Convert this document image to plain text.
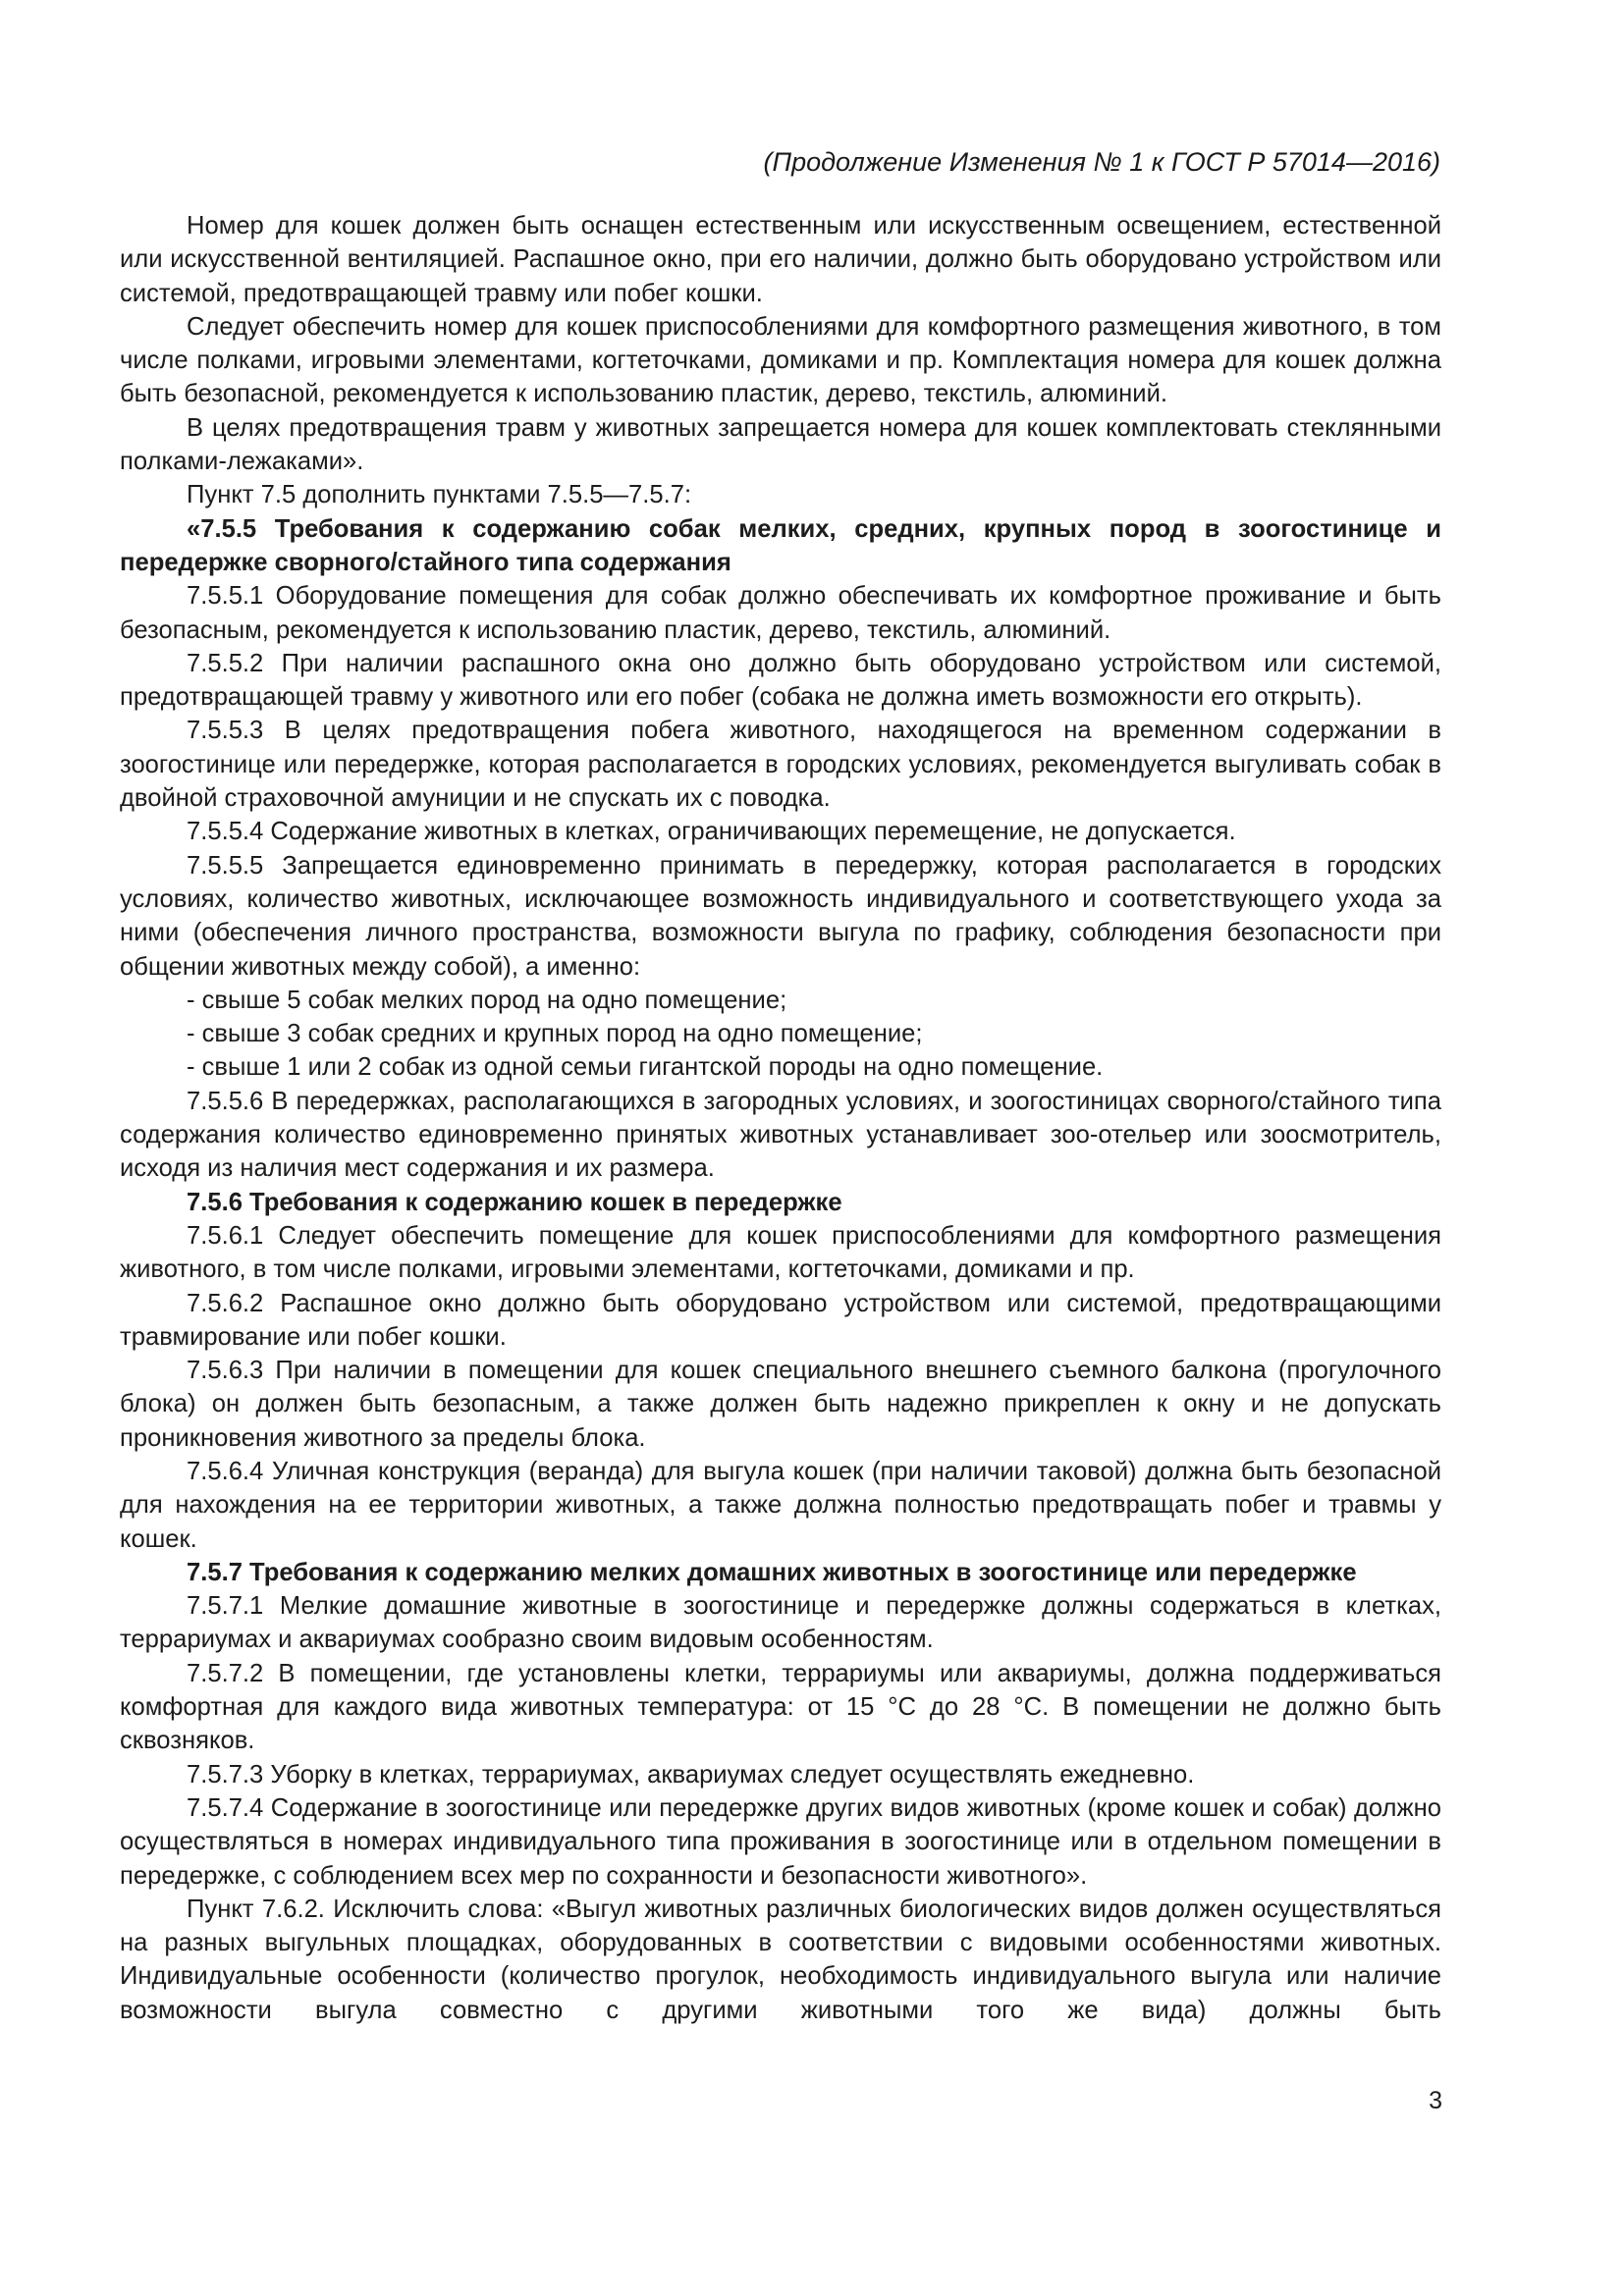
(Продолжение Изменения № 1 к ГОСТ Р 57014—2016)

Номер для кошек должен быть оснащен естественным или искусственным освещением, естественной или искусственной вентиляцией. Распашное окно, при его наличии, должно быть оборудовано устройством или системой, предотвращающей травму или побег кошки.

Следует обеспечить номер для кошек приспособлениями для комфортного размещения животного, в том числе полками, игровыми элементами, когтеточками, домиками и пр. Комплектация номера для кошек должна быть безопасной, рекомендуется к использованию пластик, дерево, текстиль, алюминий.

В целях предотвращения травм у животных запрещается номера для кошек комплектовать стеклянными полками-лежаками».

Пункт 7.5 дополнить пунктами 7.5.5—7.5.7:

«7.5.5 Требования к содержанию собак мелких, средних, крупных пород в зоогостинице и передержке сворного/стайного типа содержания

7.5.5.1 Оборудование помещения для собак должно обеспечивать их комфортное проживание и быть безопасным, рекомендуется к использованию пластик, дерево, текстиль, алюминий.

7.5.5.2 При наличии распашного окна оно должно быть оборудовано устройством или системой, предотвращающей травму у животного или его побег (собака не должна иметь возможности его открыть).

7.5.5.3 В целях предотвращения побега животного, находящегося на временном содержании в зоогостинице или передержке, которая располагается в городских условиях, рекомендуется выгуливать собак в двойной страховочной амуниции и не спускать их с поводка.

7.5.5.4 Содержание животных в клетках, ограничивающих перемещение, не допускается.

7.5.5.5 Запрещается единовременно принимать в передержку, которая располагается в городских условиях, количество животных, исключающее возможность индивидуального и соответствующего ухода за ними (обеспечения личного пространства, возможности выгула по графику, соблюдения безопасности при общении животных между собой), а именно:

- свыше 5 собак мелких пород на одно помещение;

- свыше 3 собак средних и крупных пород на одно помещение;

- свыше 1 или 2 собак из одной семьи гигантской породы на одно помещение.

7.5.5.6 В передержках, располагающихся в загородных условиях, и зоогостиницах сворного/стайного типа содержания количество единовременно принятых животных устанавливает зоо-отельер или зоосмотритель, исходя из наличия мест содержания и их размера.

7.5.6 Требования к содержанию кошек в передержке

7.5.6.1 Следует обеспечить помещение для кошек приспособлениями для комфортного размещения животного, в том числе полками, игровыми элементами, когтеточками, домиками и пр.

7.5.6.2 Распашное окно должно быть оборудовано устройством или системой, предотвращающими травмирование или побег кошки.

7.5.6.3 При наличии в помещении для кошек специального внешнего съемного балкона (прогулочного блока) он должен быть безопасным, а также должен быть надежно прикреплен к окну и не допускать проникновения животного за пределы блока.

7.5.6.4 Уличная конструкция (веранда) для выгула кошек (при наличии таковой) должна быть безопасной для нахождения на ее территории животных, а также должна полностью предотвращать побег и травмы у кошек.

7.5.7 Требования к содержанию мелких домашних животных в зоогостинице или передержке

7.5.7.1 Мелкие домашние животные в зоогостинице и передержке должны содержаться в клетках, террариумах и аквариумах сообразно своим видовым особенностям.

7.5.7.2 В помещении, где установлены клетки, террариумы или аквариумы, должна поддерживаться комфортная для каждого вида животных температура: от 15 °С до 28 °С. В помещении не должно быть сквозняков.

7.5.7.3 Уборку в клетках, террариумах, аквариумах следует осуществлять ежедневно.

7.5.7.4 Содержание в зоогостинице или передержке других видов животных (кроме кошек и собак) должно осуществляться в номерах индивидуального типа проживания в зоогостинице или в отдельном помещении в передержке, с соблюдением всех мер по сохранности и безопасности животного».

Пункт 7.6.2. Исключить слова: «Выгул животных различных биологических видов должен осуществляться на разных выгульных площадках, оборудованных в соответствии с видовыми особенностями животных. Индивидуальные особенности (количество прогулок, необходимость индивидуального выгула или наличие возможности выгула совместно с другими животными того же вида) должны быть

3
